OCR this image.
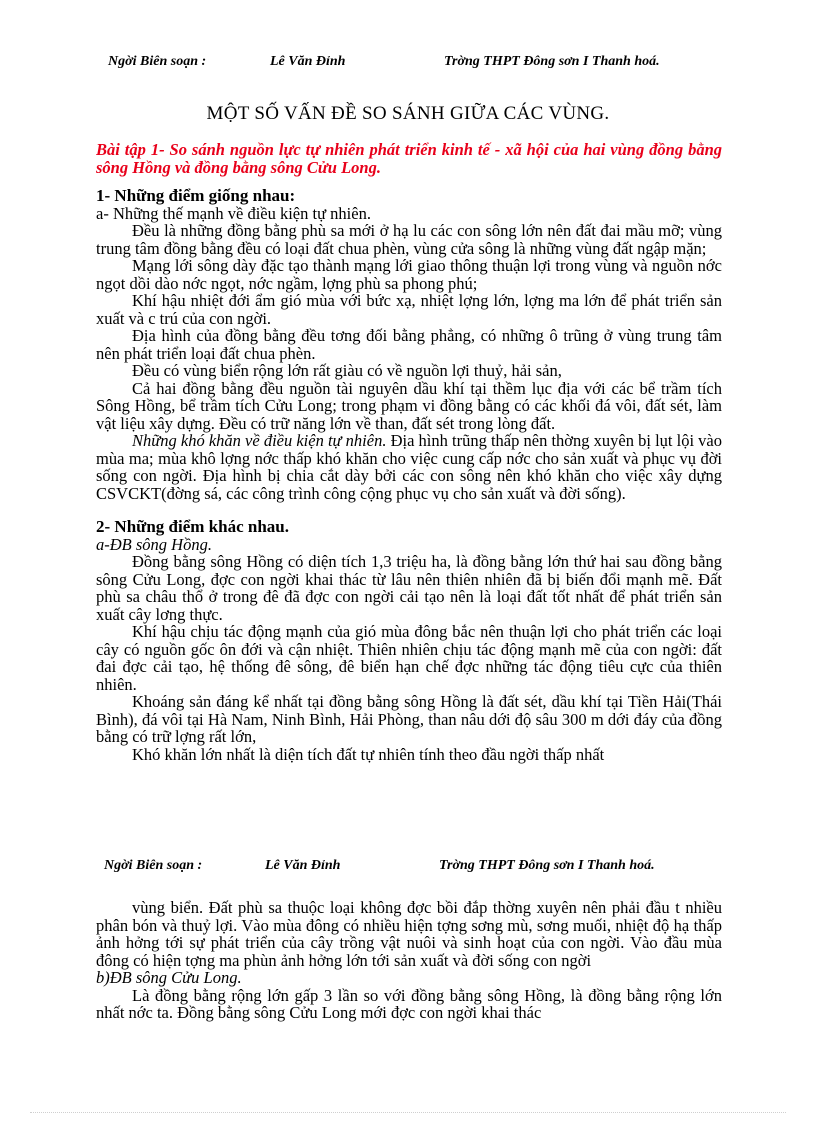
Ngời Biên soạn :	Lê Văn Đỉnh	Trờng THPT Đông sơn I Thanh hoá.
MỘT SỐ VẤN ĐỀ SO SÁNH GIỮA CÁC VÙNG.

Bài tập 1- So sánh nguồn lực tự nhiên phát triển kinh tế - xã hội của hai vùng đồng bằng sông Hồng và đồng bằng sông Cửu Long.

1- Những điểm giống nhau:

a- Những thế mạnh về điều kiện tự nhiên.

Đều là những đồng bằng phù sa mới ở hạ lu các con sông lớn nên đất đai mầu mỡ; vùng trung tâm đồng bằng đều có loại đất chua phèn, vùng cửa sông là những vùng đất ngập mặn;

Mạng lới sông dày đặc tạo thành mạng lới giao thông thuận lợi trong vùng và nguồn nớc ngọt dồi dào nớc ngọt, nớc ngầm, lợng phù sa phong phú;

Khí hậu nhiệt đới ẩm gió mùa với bức xạ, nhiệt lợng lớn, lợng ma lớn để phát triển sản xuất và c trú của con ngời.

Địa hình của đồng bằng đều tơng đối bằng phẳng, có những ô trũng ở vùng trung tâm nên phát triển loại đất chua phèn.

Đều có vùng biển rộng lớn rất giàu có về nguồn lợi thuỷ, hải sản,

Cả hai đồng bằng đều nguồn tài nguyên dầu khí tại thềm lục địa với các bể trầm tích Sông Hồng, bể trầm tích Cửu Long; trong phạm vi đồng bằng có các khối đá vôi, đất sét, làm vật liệu xây dựng. Đều có trữ năng lớn về than, đất sét trong lòng đất.

Những khó khăn về điều kiện tự nhiên. Địa hình trũng thấp nên thờng xuyên bị lụt lội vào mùa ma; mùa khô lợng nớc thấp khó khăn cho việc cung cấp nớc cho sản xuất và phục vụ đời sống con ngời. Địa hình bị chia cắt dày bởi các con sông nên khó khăn cho việc xây dựng CSVCKT(đờng sá, các công trình công cộng phục vụ cho sản xuất và đời sống).

2- Những điểm khác nhau.

a-ĐB sông Hồng.

Đồng bằng sông Hồng có diện tích 1,3 triệu ha, là đồng bằng lớn thứ hai sau đồng bằng sông Cửu Long, đợc con ngời khai thác từ lâu nên thiên nhiên đã bị biến đổi mạnh mẽ. Đất phù sa châu thổ ở trong đê đã đợc con ngời cải tạo nên là loại đất tốt nhất để phát triển sản xuất cây lơng thực.

Khí hậu chịu tác động mạnh của gió mùa đông bắc nên thuận lợi cho phát triển các loại cây có nguồn gốc ôn đới và cận nhiệt. Thiên nhiên chịu tác động mạnh mẽ của con ngời: đất đai đợc cải tạo, hệ thống đê sông, đê biển hạn chế đợc những tác động tiêu cực của thiên nhiên.

Khoáng sản đáng kể nhất tại đồng bằng sông Hồng là đất sét, dầu khí tại Tiền Hải(Thái Bình), đá vôi tại Hà Nam, Ninh Bình, Hải Phòng, than nâu dới độ sâu 300 m dới đáy của đồng bằng có trữ lợng rất lớn,

Khó khăn lớn nhất là diện tích đất tự nhiên tính theo đầu ngời thấp nhất

Ngời Biên soạn :	Lê Văn Đỉnh	Trờng THPT Đông sơn I Thanh hoá.

vùng biển. Đất phù sa thuộc loại không đợc bồi đắp thờng xuyên nên phải đầu t nhiều phân bón và thuỷ lợi. Vào mùa đông có nhiều hiện tợng sơng mù, sơng muối, nhiệt độ hạ thấp ảnh hởng tới sự phát triển của cây trồng vật nuôi và sinh hoạt của con ngời. Vào đầu mùa đông có hiện tợng ma phùn ảnh hởng lớn tới sản xuất và đời sống con ngời

b)ĐB sông Cửu Long.

Là đồng bằng rộng lớn gấp 3 lần so với đồng bằng sông Hồng, là đồng bằng rộng lớn nhất nớc ta. Đồng bằng sông Cửu Long mới đợc con ngời khai thác
